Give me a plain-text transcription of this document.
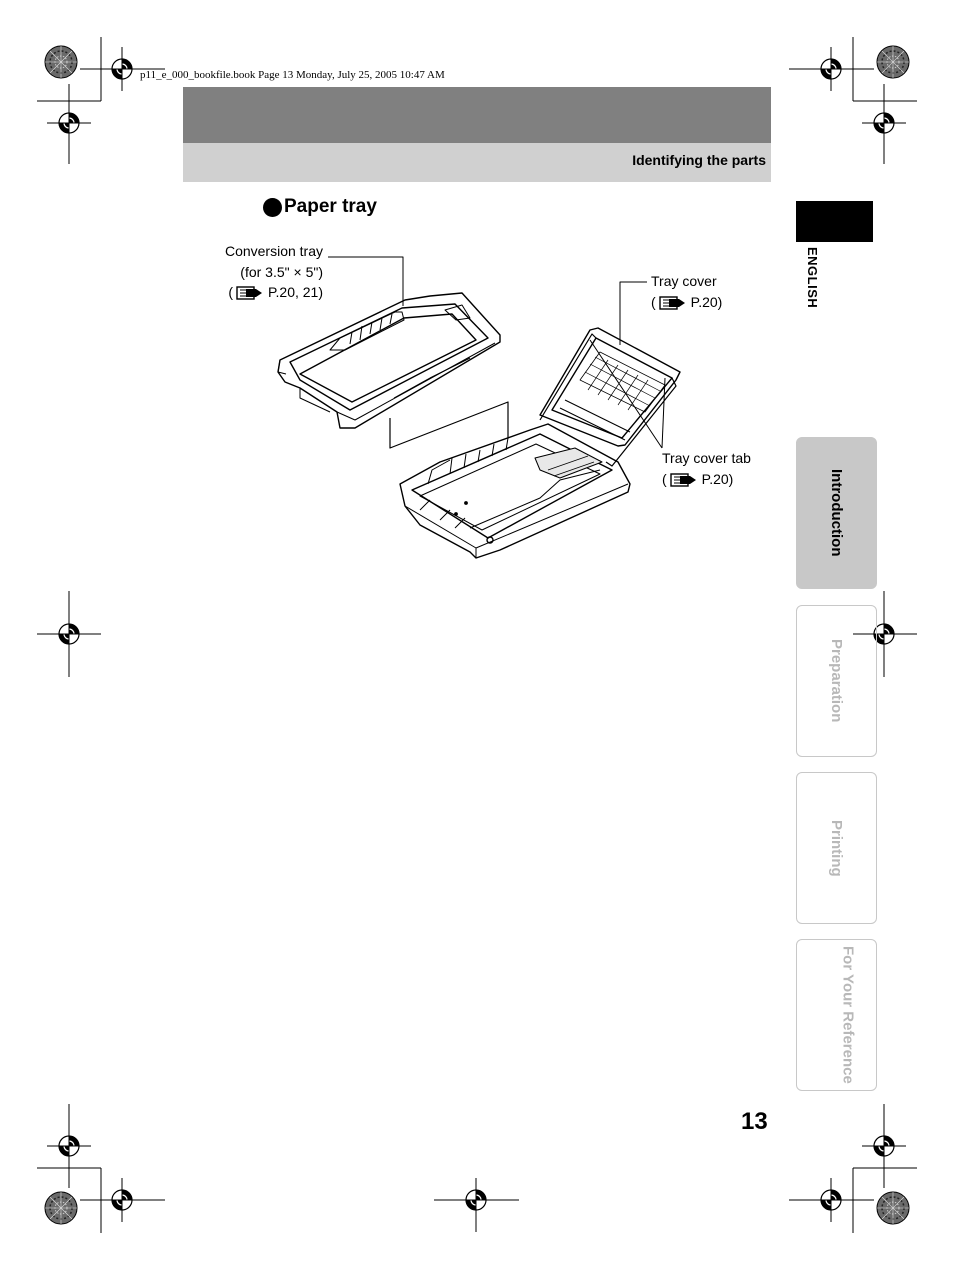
p11_e_000_bookfile.book Page 13 Monday, July 25, 2005 10:47 AM
Identifying the parts
Paper tray
Conversion tray
(for 3.5" × 5")
(	P.20, 21)
Tray cover
(	P.20)
Tray cover tab
(	P.20)
ENGLISH
Introduction
Preparation
Printing
For Your Reference
13
